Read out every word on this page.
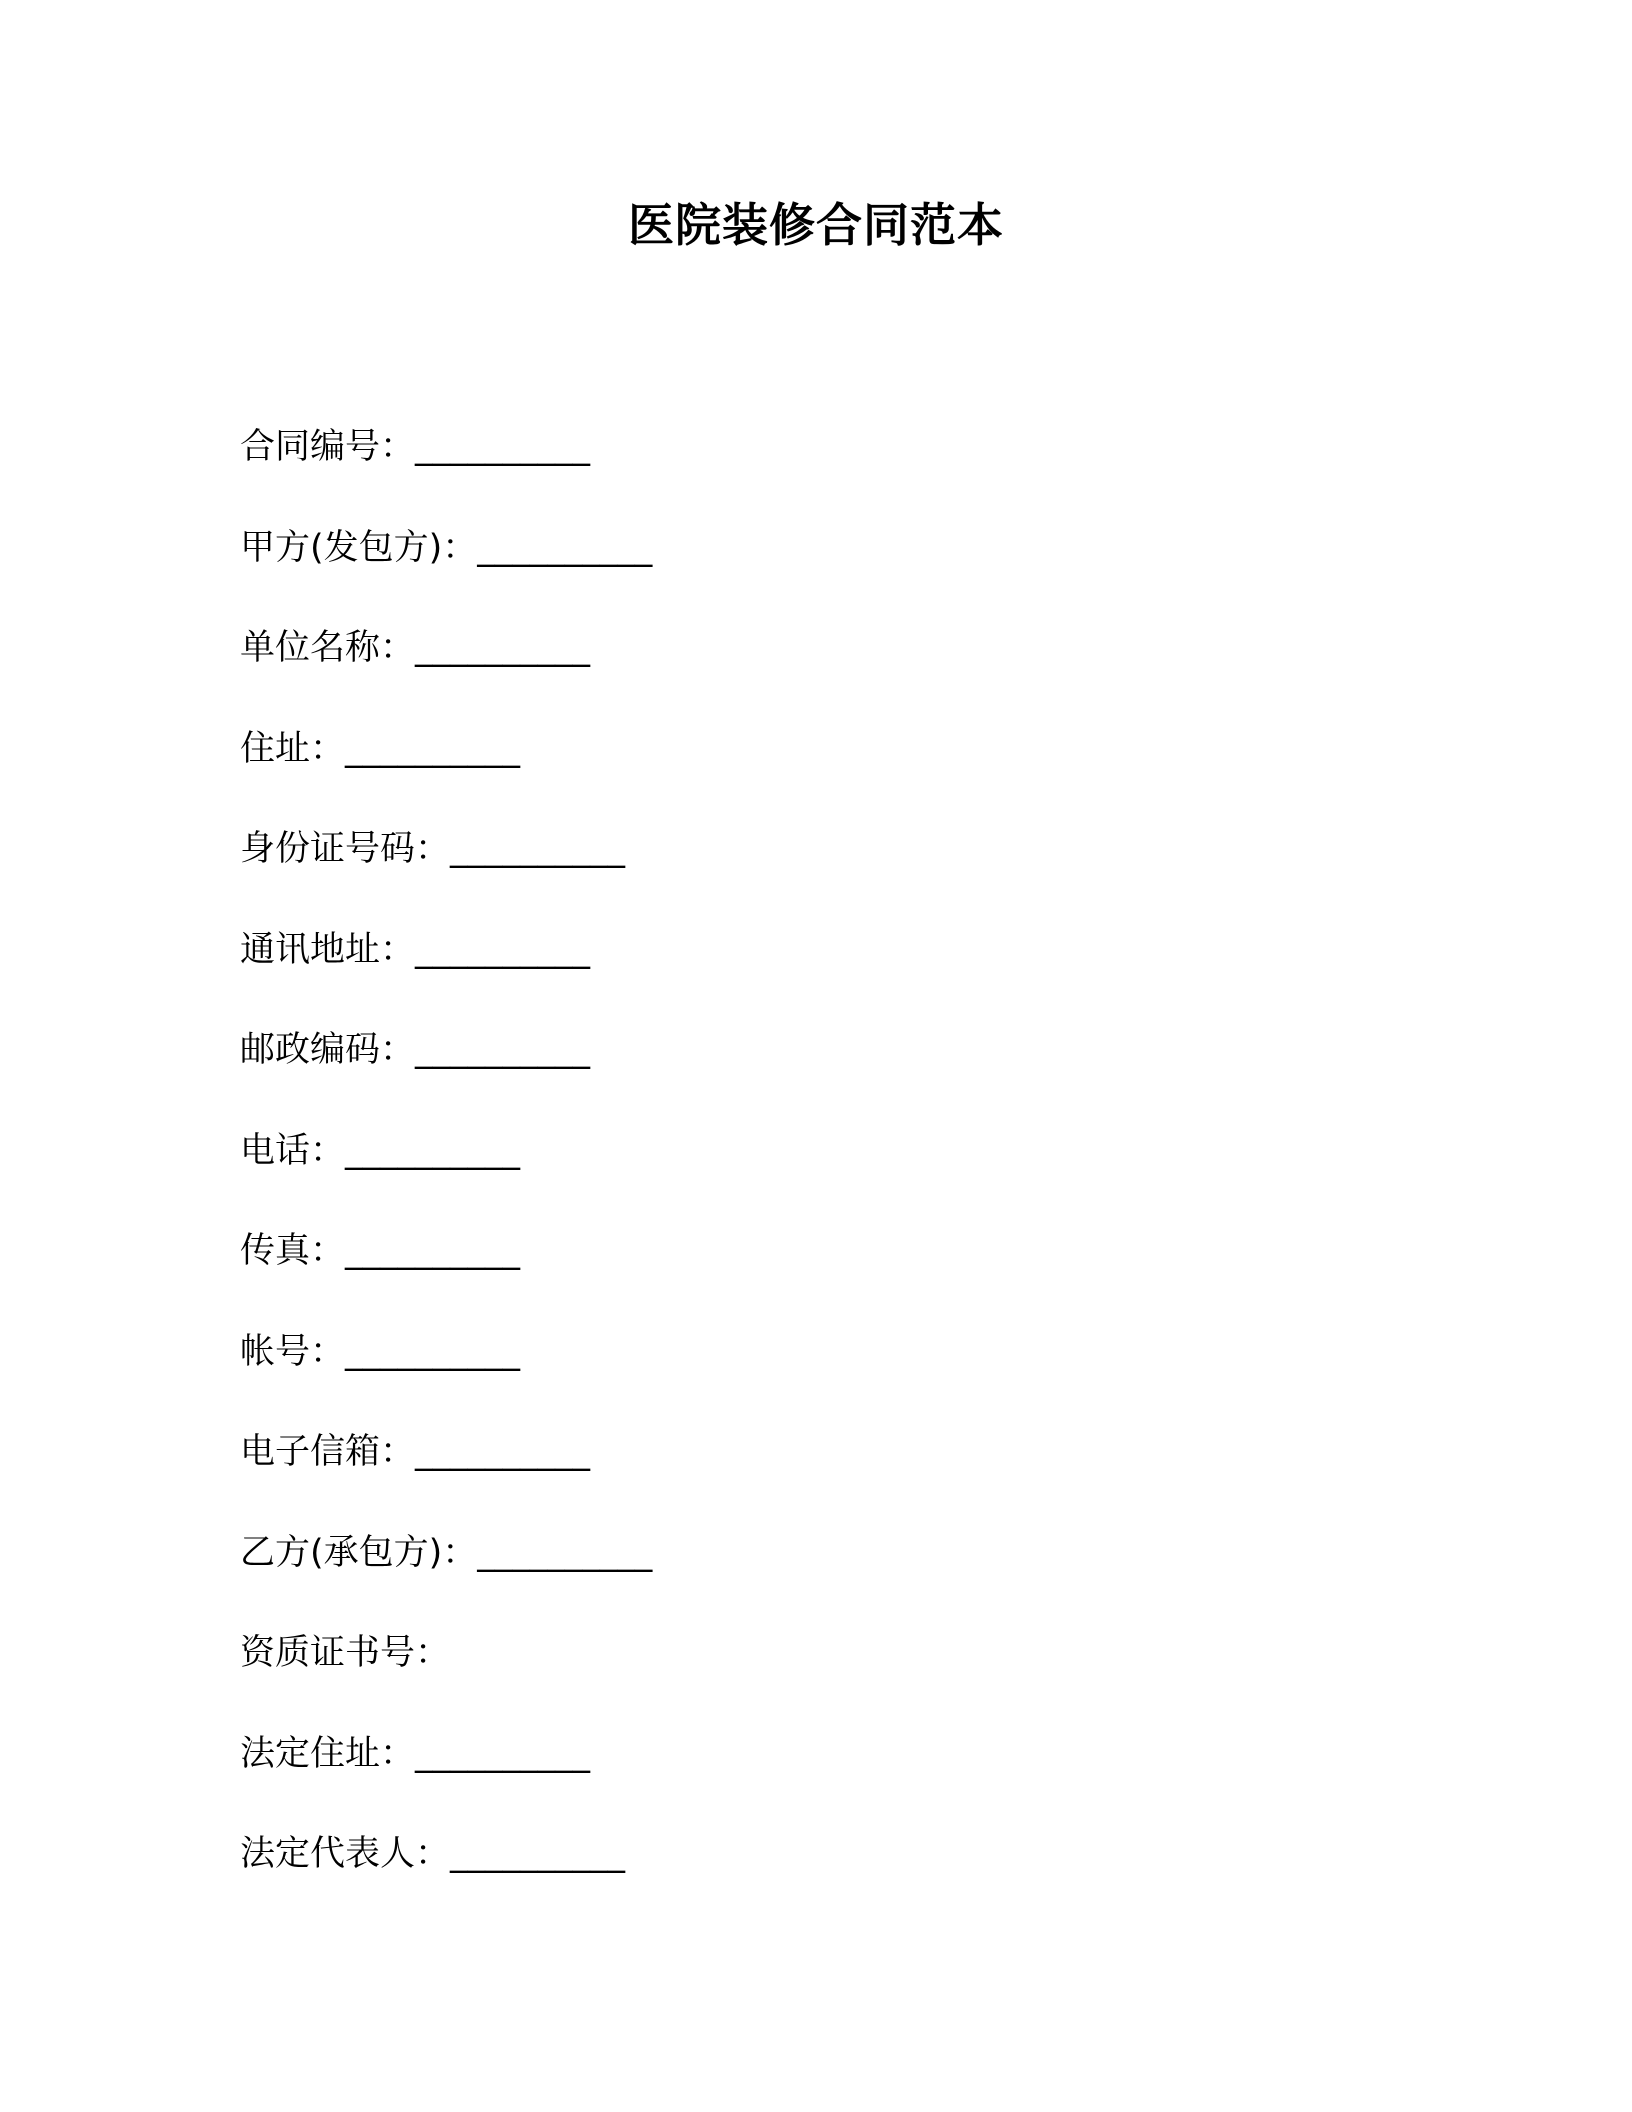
医院装修合同范本
合同编号：__________
甲方(发包方)：__________
单位名称：__________
住址：__________
身份证号码：__________
通讯地址：__________
邮政编码：__________
电话：__________
传真：__________
帐号：__________
电子信箱：__________
乙方(承包方)：__________
资质证书号：
法定住址：__________
法定代表人：__________
